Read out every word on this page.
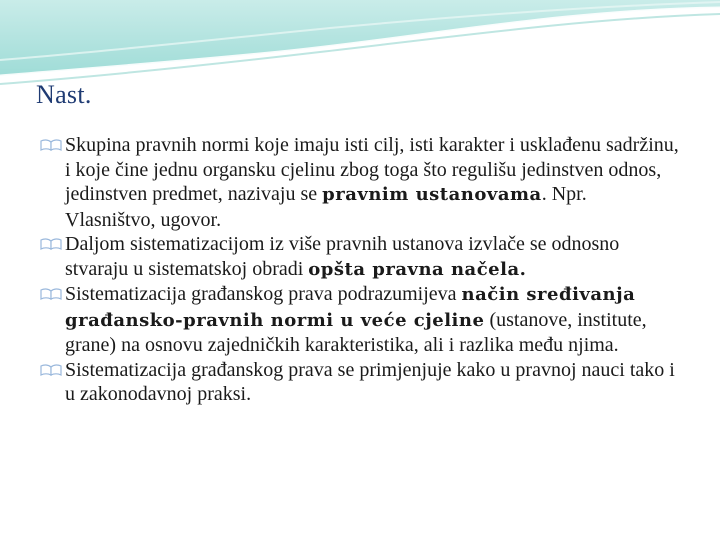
Nast.
Skupina pravnih normi koje imaju isti cilj, isti karakter i usklađenu sadržinu, i koje čine jednu organsku cjelinu zbog toga što regulišu jedinstven odnos, jedinstven predmet, nazivaju se pravnim ustanovama. Npr. Vlasništvo, ugovor.
Daljom sistematizacijom iz više pravnih ustanova izvlače se odnosno stvaraju u sistematskoj obradi opšta pravna načela.
Sistematizacija građanskog prava podrazumijeva način sređivanja građansko-pravnih normi u veće cjeline (ustanove, institute, grane) na osnovu zajedničkih karakteristika, ali i razlika među njima.
Sistematizacija građanskog prava se primjenjuje kako u pravnoj nauci tako i u zakonodavnoj praksi.
